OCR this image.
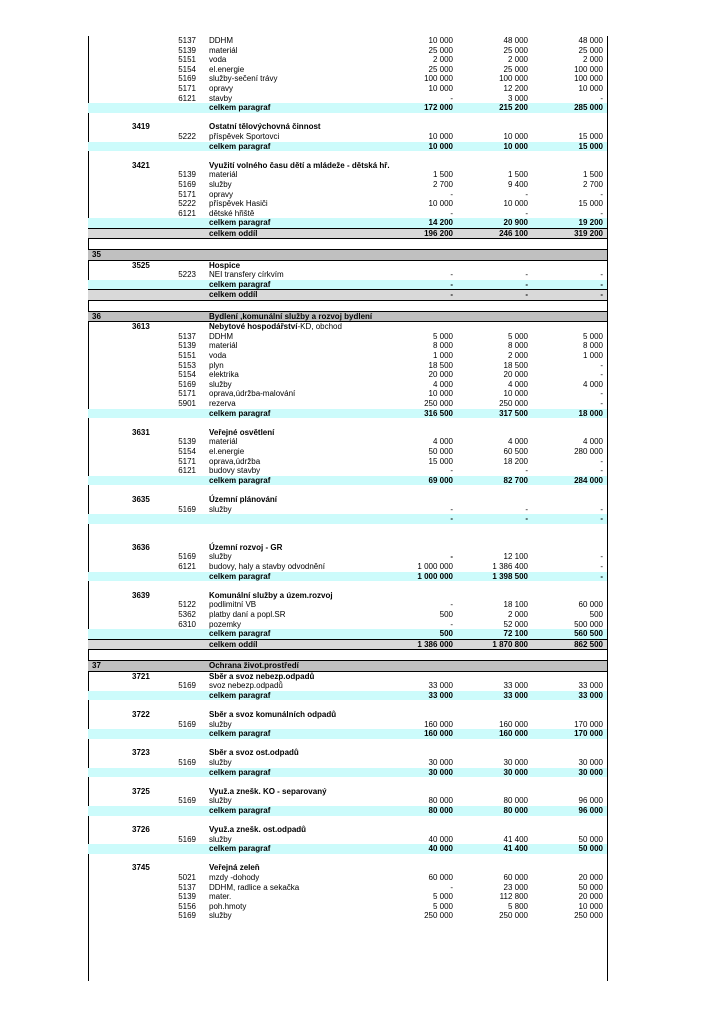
5137 DDHM	10 000	48 000	48 000
5139 materiál	25 000	25 000	25 000
5151 voda	2 000	2 000	2 000
5154 el.energie	25 000	25 000	100 000
5169 služby-sečení trávy	100 000	100 000	100 000
5171 opravy	10 000	12 200	10 000
6121 stavby	-	3 000	-
celkem paragraf	172 000	215 200	285 000
3419	Ostatní tělovýchovná činnost
5222 příspěvek Sportovci	10 000	10 000	15 000
celkem paragraf	10 000	10 000	15 000
3421	Využití volného času dětí a mládeže - dětská hř.
5139 materiál	1 500	1 500	1 500
5169 služby	2 700	9 400	2 700
5171 opravy	-	-	-
5222 příspěvek Hasiči	10 000	10 000	15 000
6121 dětské hřiště	-	-	-
celkem paragraf	14 200	20 900	19 200
celkem oddíl	196 200	246 100	319 200
35
3525	Hospice
5223 NEI transfery církvím	-	-	-
celkem paragraf	-	-	-
celkem oddíl	-	-	-
36	Bydlení ,komunální služby a rozvoj bydlení
3613	Nebytové hospodářství -KD, obchod
5137 DDHM	5 000	5 000	5 000
5139 materiál	8 000	8 000	8 000
5151 voda	1 000	2 000	1 000
5153 plyn	18 500	18 500	-
5154 elektrika	20 000	20 000	-
5169 služby	4 000	4 000	4 000
5171 oprava,údržba-malování	10 000	10 000	-
5901 rezerva	250 000	250 000	-
celkem paragraf	316 500	317 500	18 000
3631	Veřejné osvětlení
5139 materiál	4 000	4 000	4 000
5154 el.energie	50 000	60 500	280 000
5171 oprava,údržba	15 000	18 200	-
6121 budovy stavby	-	-	-
celkem paragraf	69 000	82 700	284 000
3635	Územní plánování
5169 služby	-	-	-
-	-	-
3636	Územní rozvoj - GR
5169 služby	-	12 100	-
6121 budovy, haly a stavby odvodnění	1 000 000	1 386 400	-
celkem paragraf	1 000 000	1 398 500	-
3639	Komunální služby a územ.rozvoj
5122 podlimitní VB	-	18 100	60 000
5362 platby daní a popl.SR	500	2 000	500
6310 pozemky	-	52 000	500 000
celkem paragraf	500	72 100	560 500
celkem oddíl	1 386 000	1 870 800	862 500
37	Ochrana život.prostředí
3721	Sběr a svoz nebezp.odpadů
5169 svoz nebezp.odpadů	33 000	33 000	33 000
celkem paragraf	33 000	33 000	33 000
3722	Sběr a svoz komunálních odpadů
5169 služby	160 000	160 000	170 000
celkem paragraf	160 000	160 000	170 000
3723	Sběr a svoz ost.odpadů
5169 služby	30 000	30 000	30 000
celkem paragraf	30 000	30 000	30 000
3725	Využ.a znešk. KO - separovaný
5169 služby	80 000	80 000	96 000
celkem paragraf	80 000	80 000	96 000
3726	Využ.a znešk. ost.odpadů
5169 služby	40 000	41 400	50 000
celkem paragraf	40 000	41 400	50 000
3745	Veřejná zeleň
5021 mzdy -dohody	60 000	60 000	20 000
5137 DDHM, radlice a sekačka	-	23 000	50 000
5139 mater.	5 000	112 800	20 000
5156 poh.hmoty	5 000	5 800	10 000
5169 služby	250 000	250 000	250 000
